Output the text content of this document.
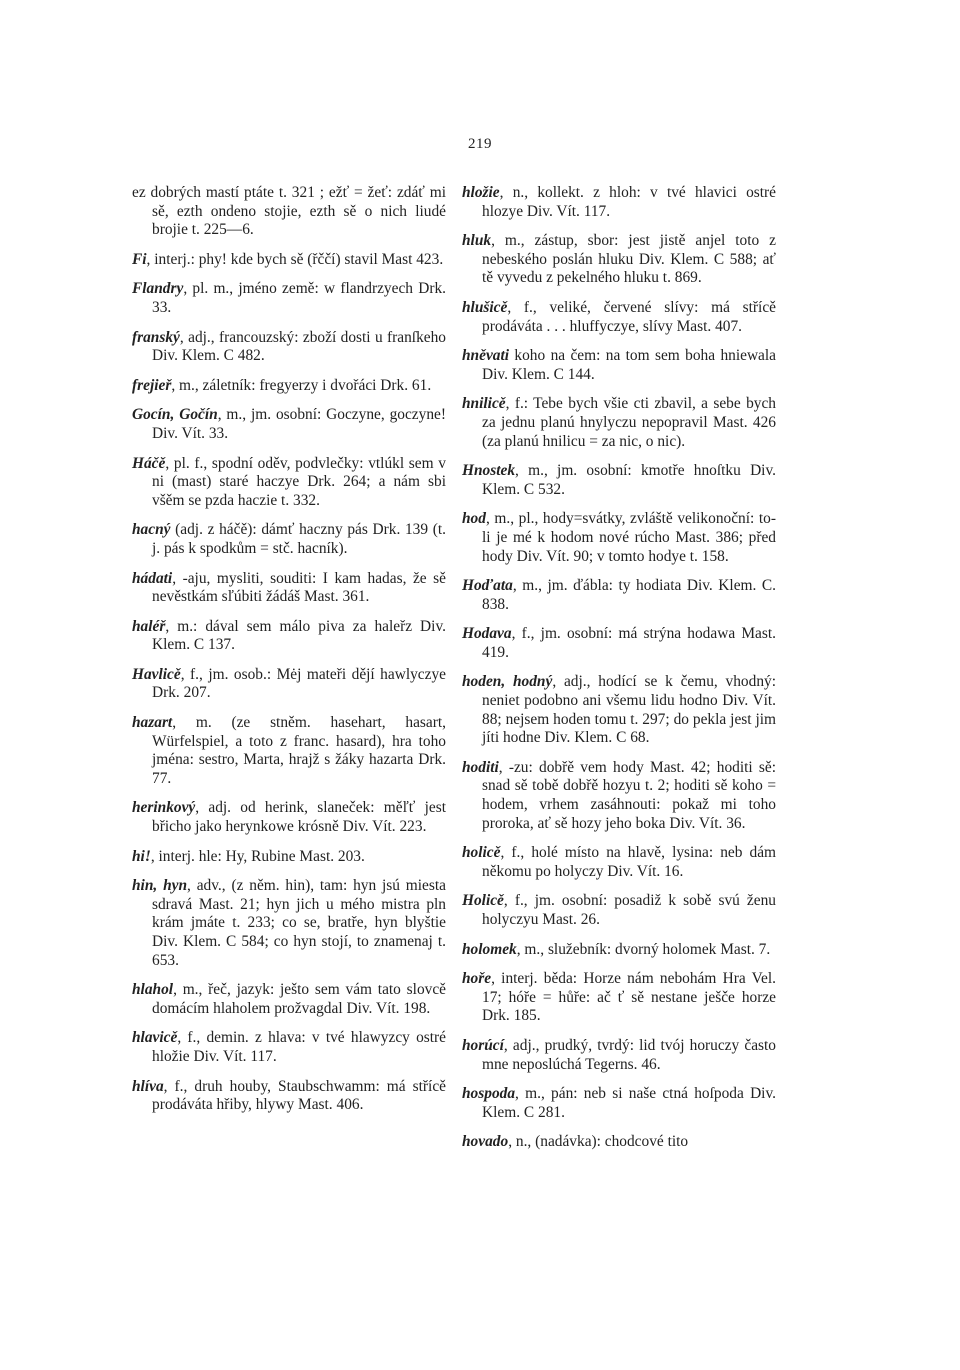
219

ez dobrých mastí ptáte t. 321 ; ežť = žeť: zdáť mi sě, ezth ondeno stojie, ezth sě o nich liudé brojie t. 225—6.

Fi, interj.: phy! kde bych sě (řččí) stavil Mast 423.

Flandry, pl. m., jméno země: w flandrzyech Drk. 33.

franský, adj., francouzský: zboží dosti u franſkeho Div. Klem. C 482.

frejieř, m., záletník: fregyerzy i dvořáci Drk. 61.

Gocín, Gočín, m., jm. osobní: Goczyne, goczyne! Div. Vít. 33.

Háčě, pl. f., spodní oděv, podvlečky: vtlúkl sem v ni (mast) staré haczye Drk. 264; a nám sbi všěm se pzda haczie t. 332.

hacný (adj. z háčě): dámť haczny pás Drk. 139 (t. j. pás k spodkům = stč. hacník).

hádati, -aju, mysliti, souditi: I kam hadas, že sě nevěstkám sľúbiti žádáš Mast. 361.

haléř, m.: dával sem málo piva za haleřz Div. Klem. C 137.

Havlicě, f., jm. osob.: Mėj mateři dějí hawlyczye Drk. 207.

hazart, m. (ze stněm. hasehart, hasart, Würfelspiel, a toto z franc. hasard), hra toho jména: sestro, Marta, hrajž s žáky hazarta Drk. 77.

herinkový, adj. od herink, slaneček: měľť jest břicho jako herynkowe krósně Div. Vít. 223.

hi!, interj. hle: Hy, Rubine Mast. 203.

hin, hyn, adv., (z něm. hin), tam: hyn jsú miesta sdravá Mast. 21; hyn jich u mého mistra pln krám jmáte t. 233; co se, bratře, hyn blyštie Div. Klem. C 584; co hyn stojí, to znamenaj t. 653.

hlahol, m., řeč, jazyk: ješto sem vám tato slovcě domácím hlaholem prožvagdal Div. Vít. 198.

hlavicě, f., demin. z hlava: v tvé hlawyzcy ostré hložie Div. Vít. 117.

hlíva, f., druh houby, Staubschwamm: má střícě prodáváta hřiby, hlywy Mast. 406.

hložie, n., kollekt. z hloh: v tvé hlavici ostré hlozye Div. Vít. 117.

hluk, m., zástup, sbor: jest jistě anjel toto z nebeského poslán hluku Div. Klem. C 588; ať tě vyvedu z pekelného hluku t. 869.

hlušicě, f., veliké, červené slívy: má střícě prodáváta . . . hluffyczye, slívy Mast. 407.

hněvati koho na čem: na tom sem boha hniewala Div. Klem. C 144.

hnilicě, f.: Tebe bych všie cti zbavil, a sebe bych za jednu planú hnylyczu nepopravil Mast. 426 (za planú hnilicu = za nic, o nic).

Hnostek, m., jm. osobní: kmotře hnoſtku Div. Klem. C 532.

hod, m., pl., hody=svátky, zvláště velikonoční: to-li je mé k hodom nové rúcho Mast. 386; před hody Div. Vít. 90; v tomto hodye t. 158.

Hoďata, m., jm. ďábla: ty hodiata Div. Klem. C. 838.

Hodava, f., jm. osobní: má strýna hodawa Mast. 419.

hoden, hodný, adj., hodící se k čemu, vhodný: neniet podobno ani všemu lidu hodno Div. Vít. 88; nejsem hoden tomu t. 297; do pekla jest jim jíti hodne Div. Klem. C 68.

hoditi, -zu: dobřě vem hody Mast. 42; hoditi sě: snad sě tobě dobřě hozyu t. 2; hoditi sě koho = hodem, vrhem zasáhnouti: pokaž mi toho proroka, ať sě hozy jeho boka Div. Vít. 36.

holicě, f., holé místo na hlavě, lysina: neb dám někomu po holyczy Div. Vít. 16.

Holicě, f., jm. osobní: posadiž k sobě svú ženu holyczyu Mast. 26.

holomek, m., služebník: dvorný holomek Mast. 7.

hoře, interj. běda: Horze nám nebohám Hra Vel. 17; hóře = hůře: ač ť sě nestane ješče horze Drk. 185.

horúcí, adj., prudký, tvrdý: lid tvój horuczy často mne neposlúchá Tegerns. 46.

hospoda, m., pán: neb si naše ctná hoſpoda Div. Klem. C 281.

hovado, n., (nadávka): chodcové tito
